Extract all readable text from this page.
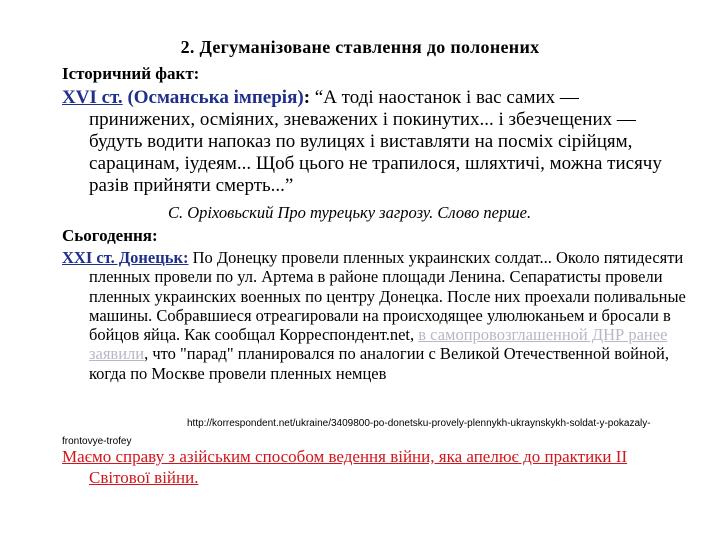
2. Дегуманізоване ставлення до полонених
Історичний факт:
XVI ст. (Османська імперія): “А тоді наостанок і вас самих — принижених, осміяних, зневажених і покинутих... і збезчещених — будуть водити напоказ по вулицях і виставляти на посміх сірійцям, сарацинам, іудеям... Щоб цього не трапилося, шляхтичі, можна тисячу разів прийняти смерть...”
С. Оріховьский Про турецьку загрозу. Слово перше.
Сьогодення:
XXI ст. Донецьк: По Донецку провели пленных украинских солдат... Около пятидесяти пленных провели по ул. Артема в районе площади Ленина. Сепаратисты провели пленных украинских военных по центру Донецка. После них проехали поливальные машины. Собравшиеся отреагировали на происходящее улюлюканьем и бросали в бойцов яйца. Как сообщал Корреспондент.net, в самопровозглашенной ДНР ранее заявили, что "парад" планировался по аналогии с Великой Отечественной войной, когда по Москве провели пленных немцев
http://korrespondent.net/ukraine/3409800-po-donetsku-provely-plennykh-ukraynskykh-soldat-y-pokazaly-frontovye-trofey
Маємо справу з азійським способом ведення війни, яка апелює до практики II Світової війни.
